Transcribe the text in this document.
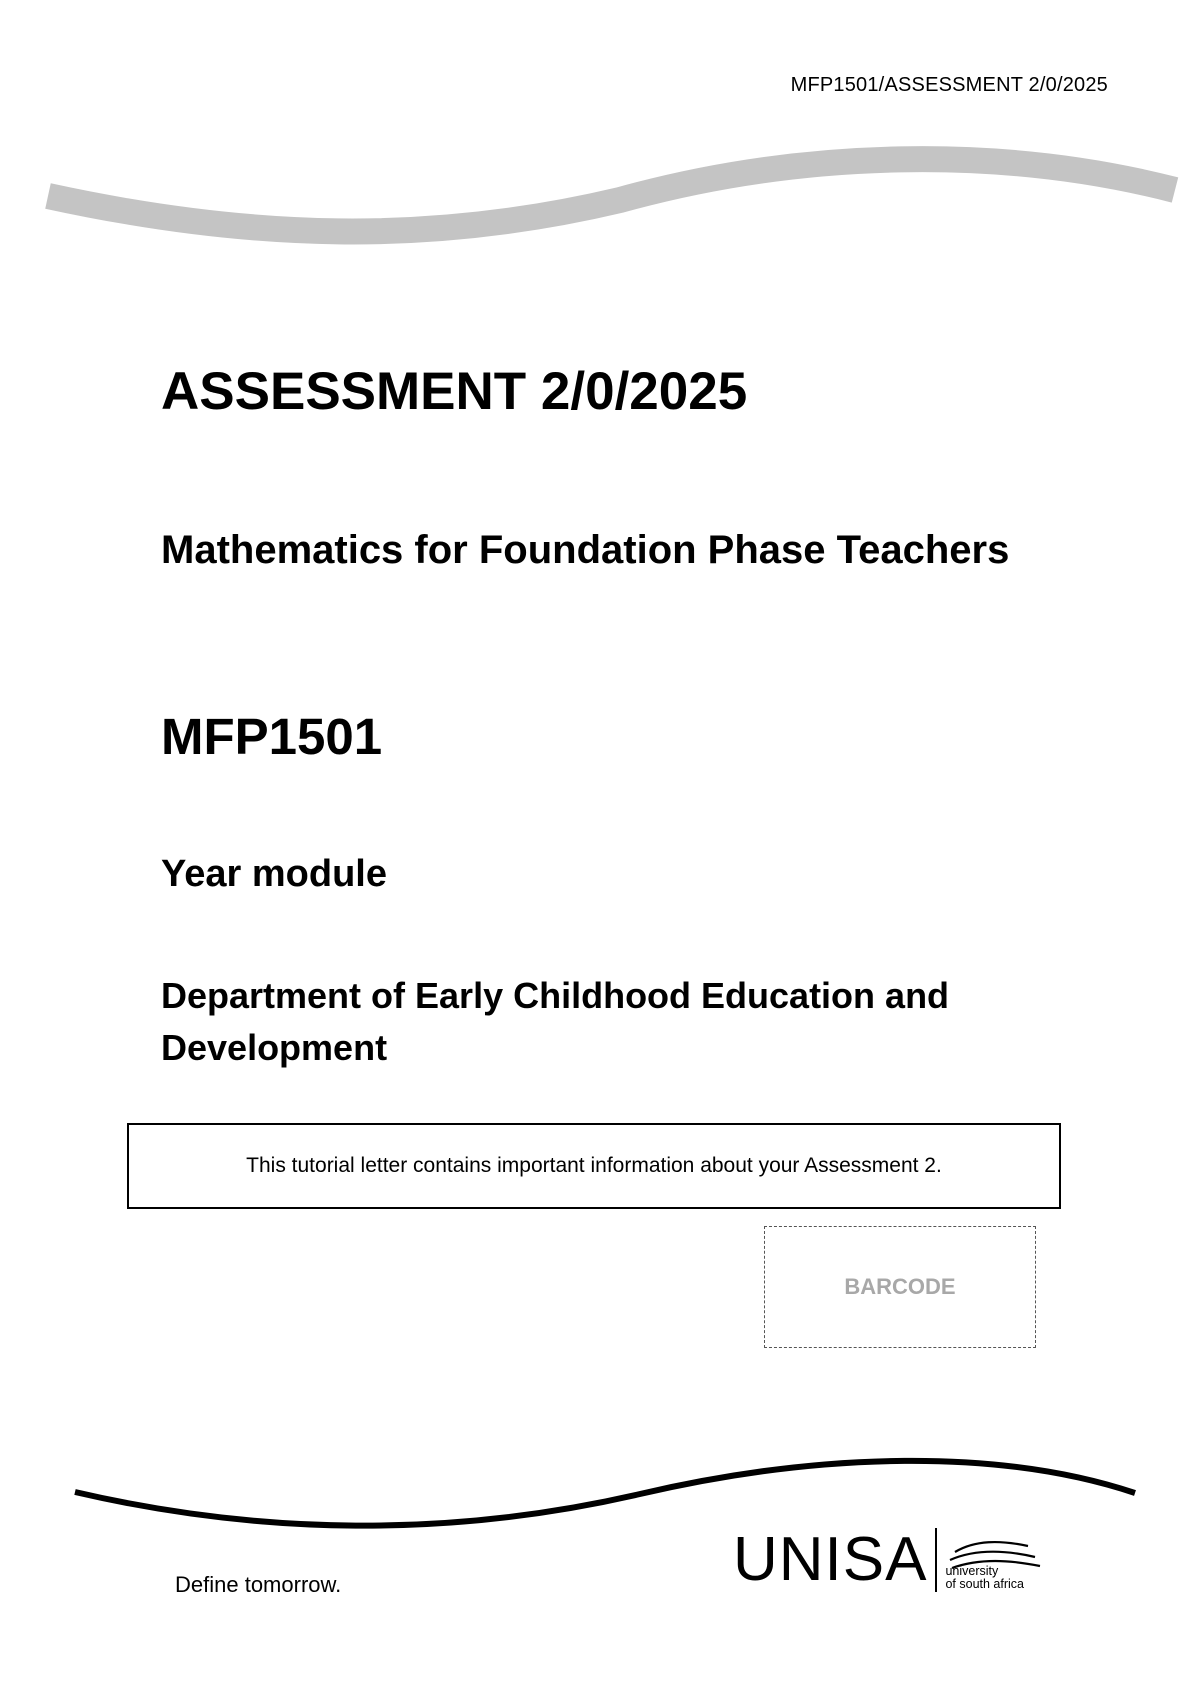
MFP1501/ASSESSMENT 2/0/2025
ASSESSMENT 2/0/2025
Mathematics for Foundation Phase Teachers
MFP1501
Year module
Department of Early Childhood Education and Development
This tutorial letter contains important information about your Assessment 2.
BARCODE
Define tomorrow.	UNISA university
of south africa
